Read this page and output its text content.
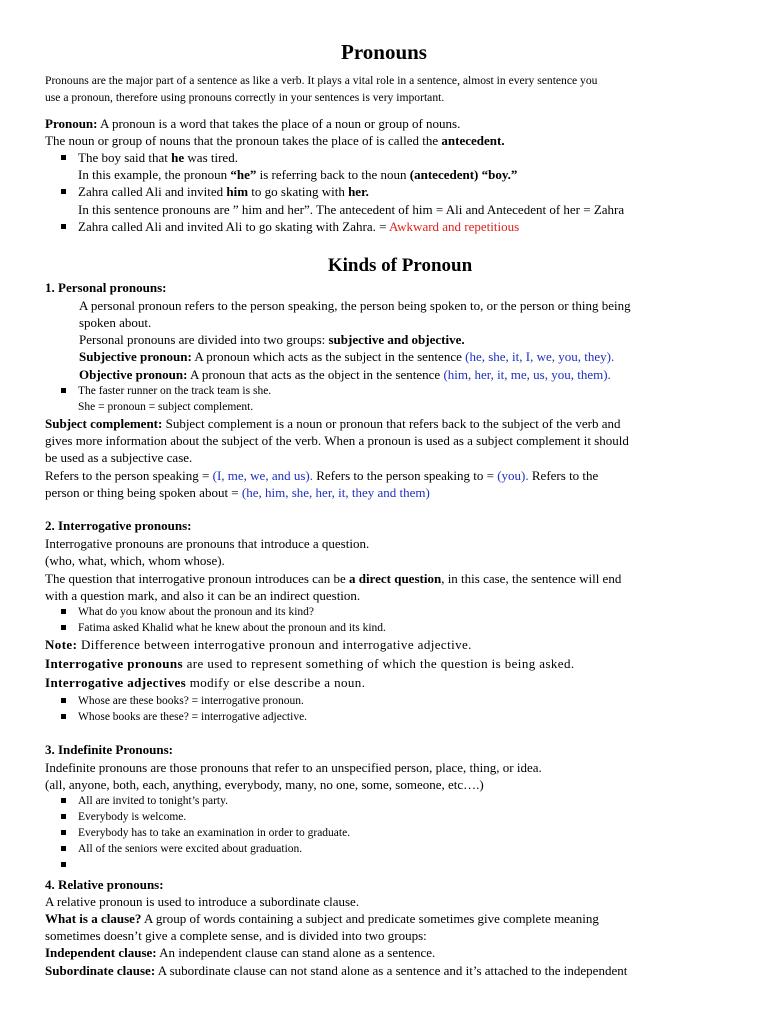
Pronouns
Pronouns are the major part of a sentence as like a verb. It plays a vital role in a sentence, almost in every sentence you
use a pronoun, therefore using pronouns correctly in your sentences is very important.
Pronoun: A pronoun is a word that takes the place of a noun or group of nouns.
The noun or group of nouns that the pronoun takes the place of is called the antecedent.
The boy said that he was tired.
In this example, the pronoun “he” is referring back to the noun (antecedent) “boy.”
Zahra called Ali and invited him to go skating with her.
In this sentence pronouns are ” him and her”. The antecedent of him = Ali and Antecedent of her = Zahra
Zahra called Ali and invited Ali to go skating with Zahra. = Awkward and repetitious
Kinds of Pronoun
1. Personal pronouns:
A personal pronoun refers to the person speaking, the person being spoken to, or the person or thing being
spoken about.
Personal pronouns are divided into two groups: subjective and objective.
Subjective pronoun: A pronoun which acts as the subject in the sentence (he, she, it, I, we, you, they).
Objective pronoun: A pronoun that acts as the object in the sentence (him, her, it, me, us, you, them).
The faster runner on the track team is she.
She = pronoun = subject complement.
Subject complement: Subject complement is a noun or pronoun that refers back to the subject of the verb and
gives more information about the subject of the verb. When a pronoun is used as a subject complement it should
be used as a subjective case.
Refers to the person speaking = (I, me, we, and us). Refers to the person speaking to = (you). Refers to the
person or thing being spoken about = (he, him, she, her, it, they and them)
2. Interrogative pronouns:
Interrogative pronouns are pronouns that introduce a question.
(who, what, which, whom whose).
The question that interrogative pronoun introduces can be a direct question, in this case, the sentence will end
with a question mark, and also it can be an indirect question.
What do you know about the pronoun and its kind?
Fatima asked Khalid what he knew about the pronoun and its kind.
Note: Difference between interrogative pronoun and interrogative adjective.
Interrogative pronouns are used to represent something of which the question is being asked.
Interrogative adjectives modify or else describe a noun.
Whose are these books? = interrogative pronoun.
Whose books are these? = interrogative adjective.
3. Indefinite Pronouns:
Indefinite pronouns are those pronouns that refer to an unspecified person, place, thing, or idea.
(all, anyone, both, each, anything, everybody, many, no one, some, someone, etc….)
All are invited to tonight’s party.
Everybody is welcome.
Everybody has to take an examination in order to graduate.
All of the seniors were excited about graduation.
4. Relative pronouns:
A relative pronoun is used to introduce a subordinate clause.
What is a clause? A group of words containing a subject and predicate sometimes give complete meaning
sometimes doesn’t give a complete sense, and is divided into two groups:
Independent clause: An independent clause can stand alone as a sentence.
Subordinate clause: A subordinate clause can not stand alone as a sentence and it’s attached to the independent
